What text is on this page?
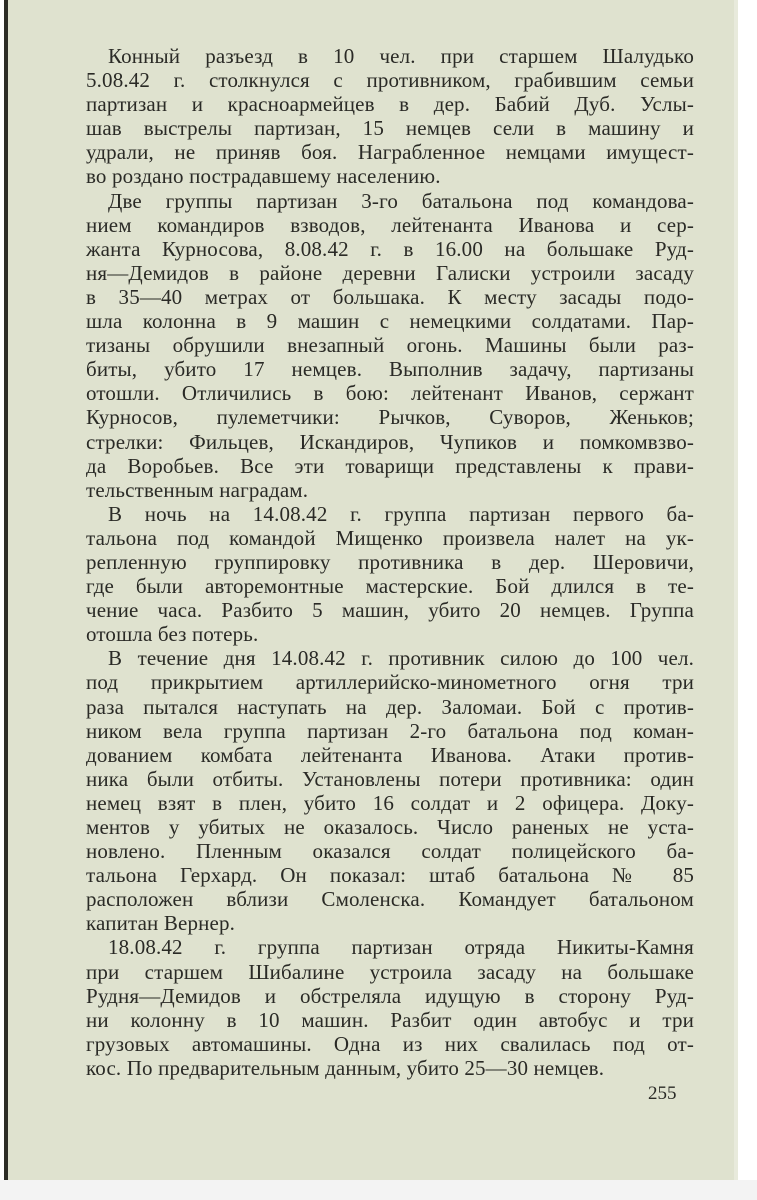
Конный разъезд в 10 чел. при старшем Шалудько
5.08.42 г. столкнулся с противником, грабившим семьи
партизан и красноармейцев в дер. Бабий Дуб. Услы-
шав выстрелы партизан, 15 немцев сели в машину и
удрали, не приняв боя. Награбленное немцами имущест-
во роздано пострадавшему населению.
Две группы партизан 3-го батальона под командова-
нием командиров взводов, лейтенанта Иванова и сер-
жанта Курносова, 8.08.42 г. в 16.00 на большаке Руд-
ня—Демидов в районе деревни Галиски устроили засаду
в 35—40 метрах от большака. К месту засады подо-
шла колонна в 9 машин с немецкими солдатами. Пар-
тизаны обрушили внезапный огонь. Машины были раз-
биты, убито 17 немцев. Выполнив задачу, партизаны
отошли. Отличились в бою: лейтенант Иванов, сержант
Курносов, пулеметчики: Рычков, Суворов, Женьков;
стрелки: Фильцев, Искандиров, Чупиков и помкомвзво-
да Воробьев. Все эти товарищи представлены к прави-
тельственным наградам.
В ночь на 14.08.42 г. группа партизан первого ба-
тальона под командой Мищенко произвела налет на ук-
репленную группировку противника в дер. Шеровичи,
где были авторемонтные мастерские. Бой длился в те-
чение часа. Разбито 5 машин, убито 20 немцев. Группа
отошла без потерь.
В течение дня 14.08.42 г. противник силою до 100 чел.
под прикрытием артиллерийско-минометного огня три
раза пытался наступать на дер. Заломаи. Бой с против-
ником вела группа партизан 2-го батальона под коман-
дованием комбата лейтенанта Иванова. Атаки против-
ника были отбиты. Установлены потери противника: один
немец взят в плен, убито 16 солдат и 2 офицера. Доку-
ментов у убитых не оказалось. Число раненых не уста-
новлено. Пленным оказался солдат полицейского ба-
тальона Герхард. Он показал: штаб батальона № 85
расположен вблизи Смоленска. Командует батальоном
капитан Вернер.
18.08.42 г. группа партизан отряда Никиты-Камня
при старшем Шибалине устроила засаду на большаке
Рудня—Демидов и обстреляла идущую в сторону Руд-
ни колонну в 10 машин. Разбит один автобус и три
грузовых автомашины. Одна из них свалилась под от-
кос. По предварительным данным, убито 25—30 немцев.
255
